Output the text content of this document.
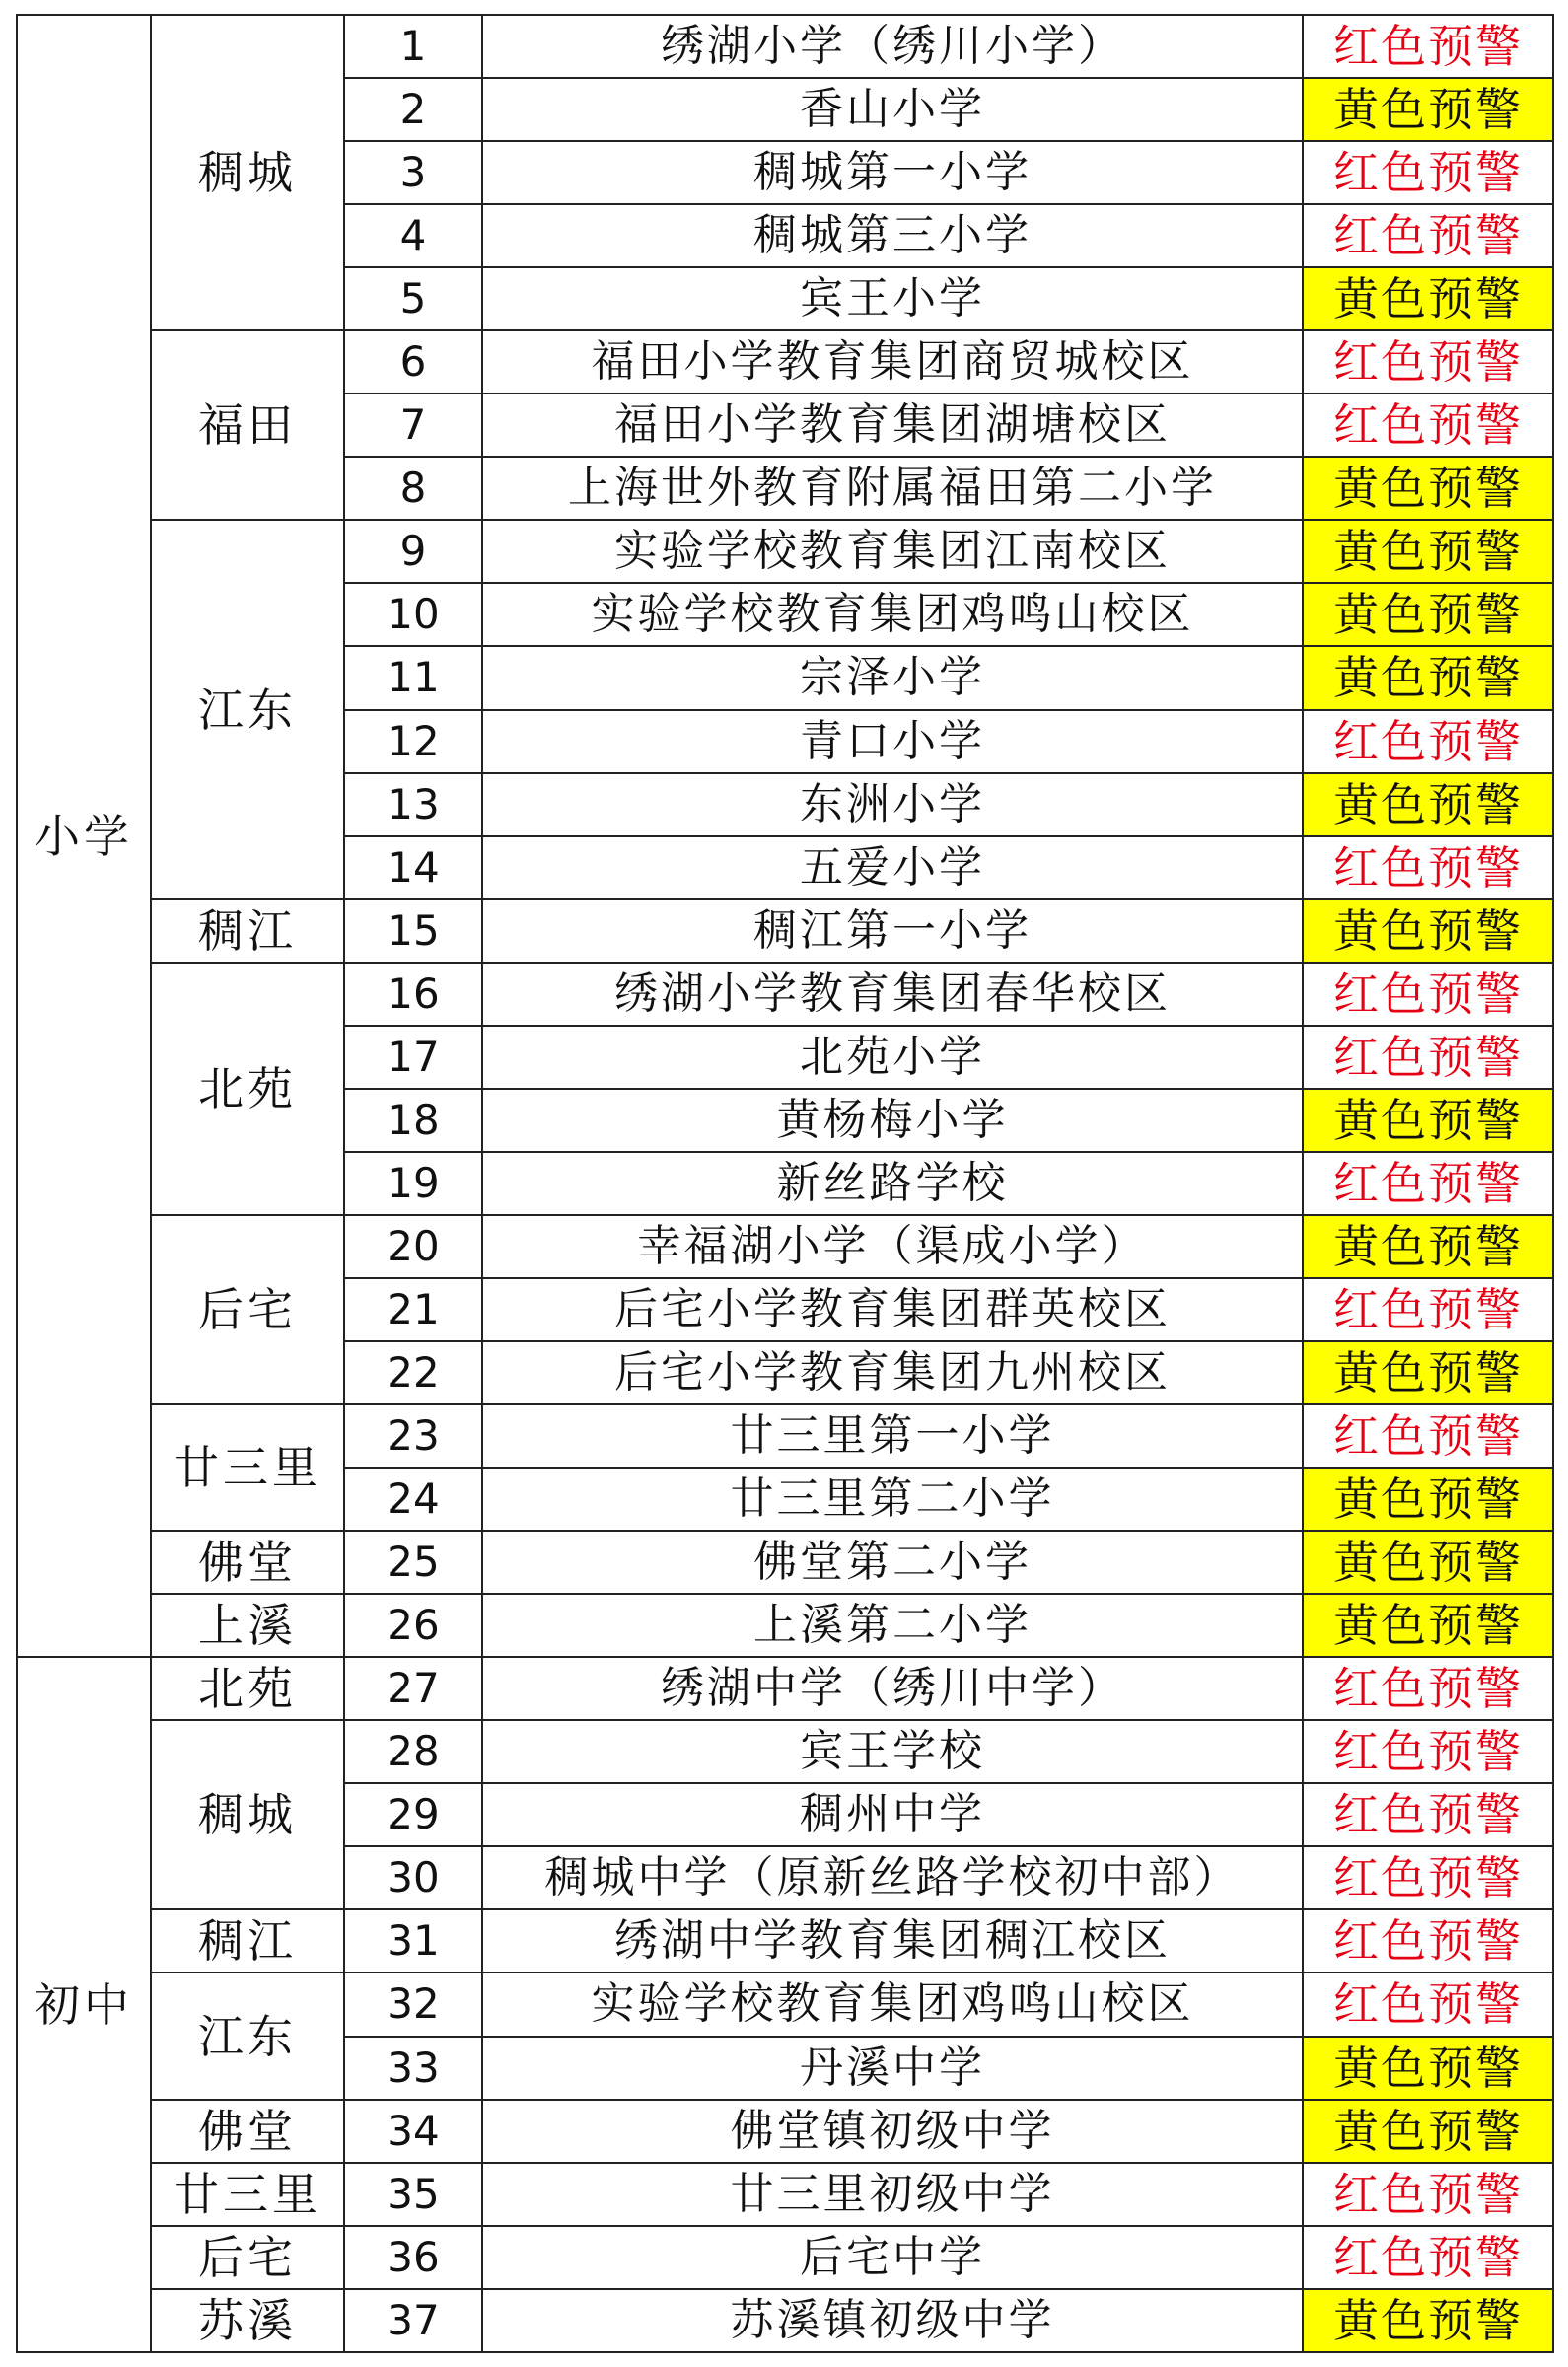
小学	稠城	1	绣湖小学（绣川小学）	红色预警
		2	香山小学	黄色预警
		3	稠城第一小学	红色预警
		4	稠城第三小学	红色预警
		5	宾王小学	黄色预警
	福田	6	福田小学教育集团商贸城校区	红色预警
		7	福田小学教育集团湖塘校区	红色预警
		8	上海世外教育附属福田第二小学	黄色预警
	江东	9	实验学校教育集团江南校区	黄色预警
		10	实验学校教育集团鸡鸣山校区	黄色预警
		11	宗泽小学	黄色预警
		12	青口小学	红色预警
		13	东洲小学	黄色预警
		14	五爱小学	红色预警
	稠江	15	稠江第一小学	黄色预警
	北苑	16	绣湖小学教育集团春华校区	红色预警
		17	北苑小学	红色预警
		18	黄杨梅小学	黄色预警
		19	新丝路学校	红色预警
	后宅	20	幸福湖小学（渠成小学）	黄色预警
		21	后宅小学教育集团群英校区	红色预警
		22	后宅小学教育集团九州校区	黄色预警
	廿三里	23	廿三里第一小学	红色预警
		24	廿三里第二小学	黄色预警
	佛堂	25	佛堂第二小学	黄色预警
	上溪	26	上溪第二小学	黄色预警
初中	北苑	27	绣湖中学（绣川中学）	红色预警
	稠城	28	宾王学校	红色预警
		29	稠州中学	红色预警
		30	稠城中学（原新丝路学校初中部）	红色预警
	稠江	31	绣湖中学教育集团稠江校区	红色预警
	江东	32	实验学校教育集团鸡鸣山校区	红色预警
		33	丹溪中学	黄色预警
	佛堂	34	佛堂镇初级中学	黄色预警
	廿三里	35	廿三里初级中学	红色预警
	后宅	36	后宅中学	红色预警
	苏溪	37	苏溪镇初级中学	黄色预警
